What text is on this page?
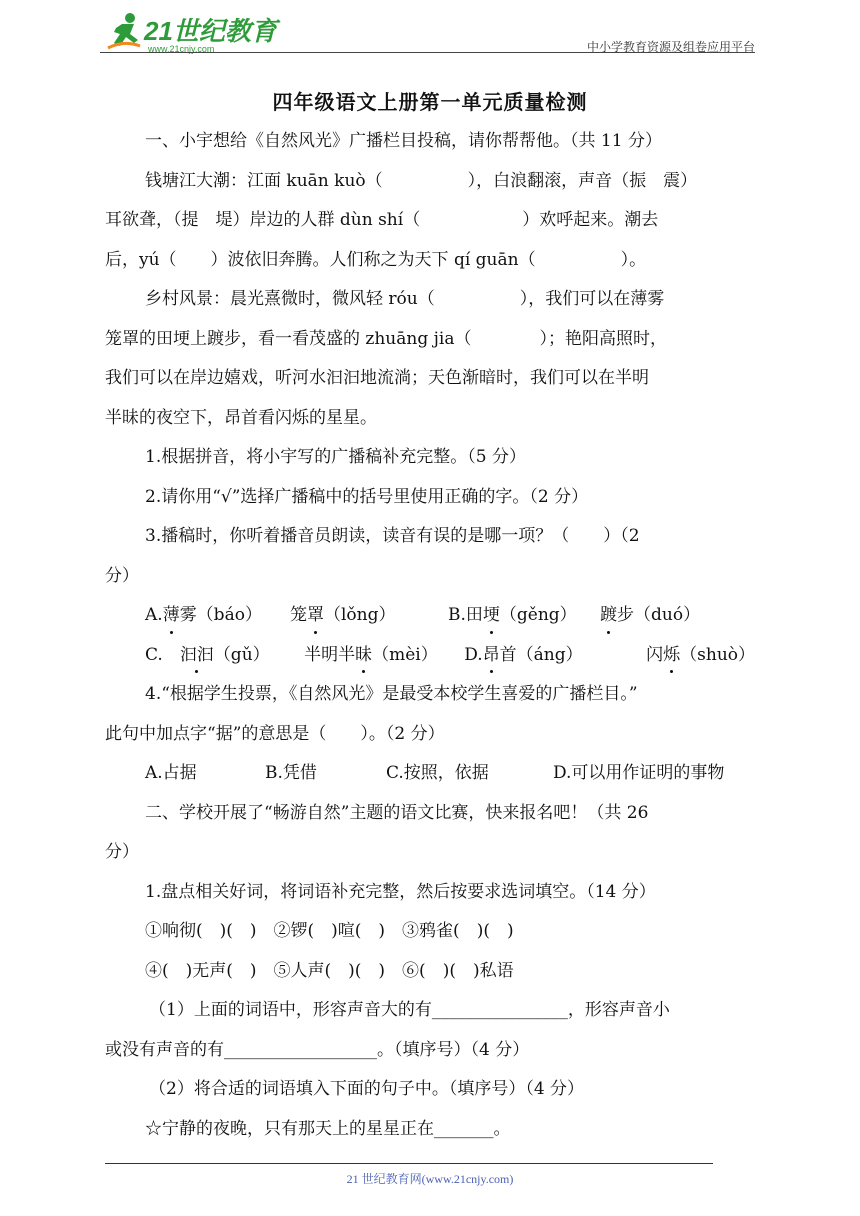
21世纪教育
www.21cnjy.com	中小学教育资源及组卷应用平台
四年级语文上册第一单元质量检测

一、小宇想给《自然风光》广播栏目投稿，请你帮帮他。（共 11 分）

钱塘江大潮：江面 kuān kuò（　　　　　），白浪翻滚，声音（振　震）

耳欲聋，（提　堤）岸边的人群 dùn shí（　　　　　　）欢呼起来。潮去

后，yú（　　）波依旧奔腾。人们称之为天下 qí guān（　　　　　）。

乡村风景：晨光熹微时，微风轻 róu（　　　　　），我们可以在薄雾

笼罩的田埂上踱步，看一看茂盛的 zhuāng jia（　　　　）；艳阳高照时，

我们可以在岸边嬉戏，听河水汩汩地流淌；天色渐暗时，我们可以在半明

半昧的夜空下，昂首看闪烁的星星。

1.根据拼音，将小宇写的广播稿补充完整。（5 分）

2.请你用“√”选择广播稿中的括号里使用正确的字。（2 分）

3.播稿时，你听着播音员朗读，读音有误的是哪一项？（　　）（2

分）

A.薄雾（báo）	笼罩（lǒng）	B.田埂（gěng）	踱步（duó）
C.　汩汩（gǔ）	半明半昧（mèi）	D.昂首（áng）	闪烁（shuò）

4.“根据学生投票，《自然风光》是最受本校学生喜爱的广播栏目。”

此句中加点字“据”的意思是（　　）。（2 分）

A.占据	B.凭借	C.按照，依据	D.可以用作证明的事物

二、学校开展了“畅游自然”主题的语文比赛，快来报名吧！（共 26

分）

1.盘点相关好词，将词语补充完整，然后按要求选词填空。（14 分）

①响彻(　)(　)　②锣(　)喧(　)　③鸦雀(　)(　)

④(　)无声(　)　⑤人声(　)(　)　⑥(　)(　)私语

（1）上面的词语中，形容声音大的有________________，形容声音小

或没有声音的有__________________。（填序号）（4 分）

（2）将合适的词语填入下面的句子中。（填序号）（4 分）

☆宁静的夜晚，只有那天上的星星正在_______。

21 世纪教育网(www.21cnjy.com)
